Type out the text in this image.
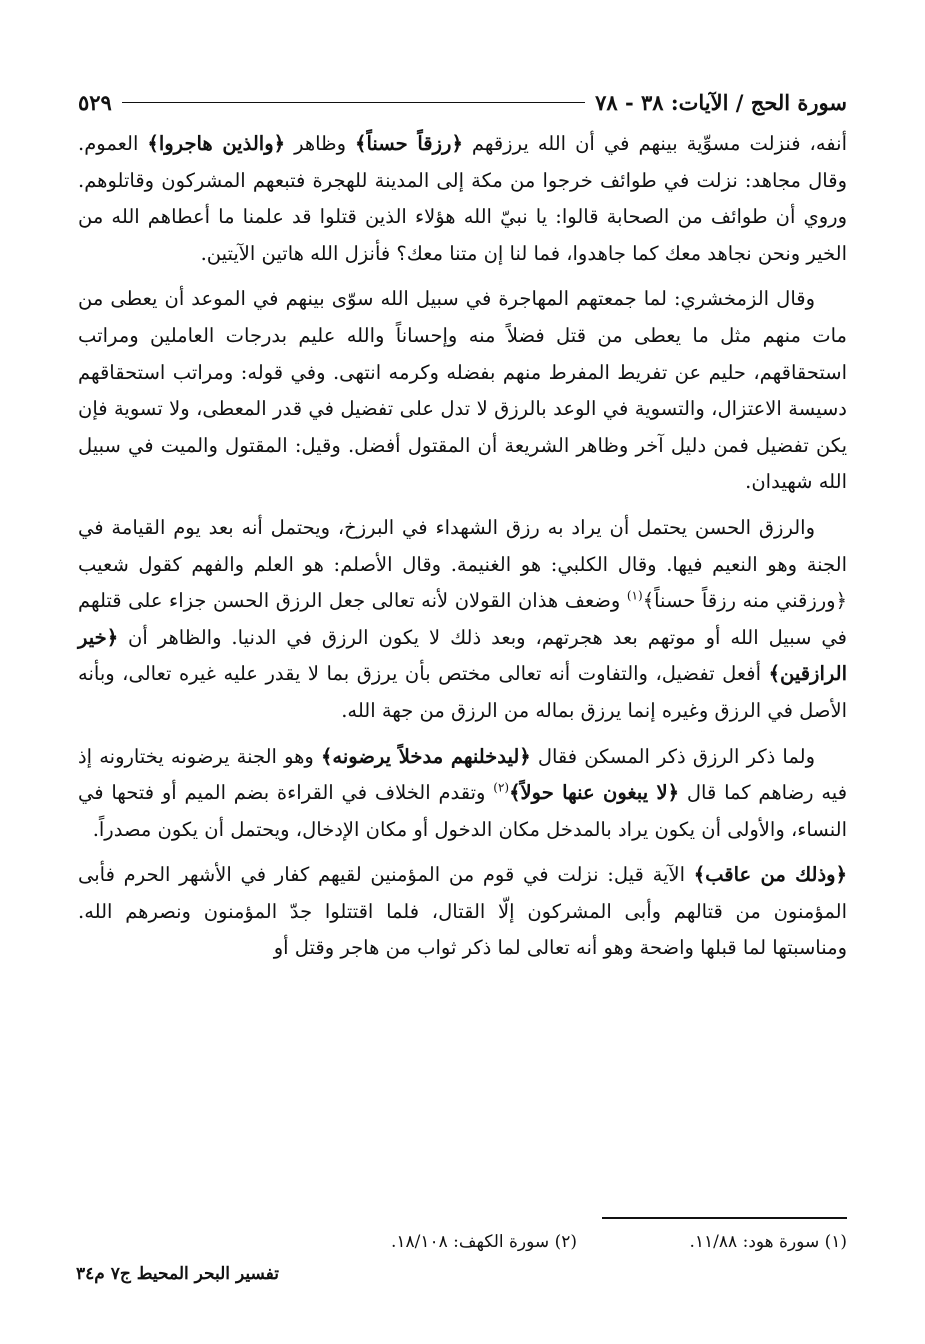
سورة الحج / الآيات: ٣٨ - ٧٨
٥٢٩

أنفه، فنزلت مسوِّية بينهم في أن الله يرزقهم ﴿رزقاً حسناً﴾ وظاهر ﴿والذين هاجروا﴾ العموم. وقال مجاهد: نزلت في طوائف خرجوا من مكة إلى المدينة للهجرة فتبعهم المشركون وقاتلوهم. وروي أن طوائف من الصحابة قالوا: يا نبيّ الله هؤلاء الذين قتلوا قد علمنا ما أعطاهم الله من الخير ونحن نجاهد معك كما جاهدوا، فما لنا إن متنا معك؟ فأنزل الله هاتين الآيتين.

وقال الزمخشري: لما جمعتهم المهاجرة في سبيل الله سوّى بينهم في الموعد أن يعطى من مات منهم مثل ما يعطى من قتل فضلاً منه وإحساناً والله عليم بدرجات العاملين ومراتب استحقاقهم، حليم عن تفريط المفرط منهم بفضله وكرمه انتهى. وفي قوله: ومراتب استحقاقهم دسيسة الاعتزال، والتسوية في الوعد بالرزق لا تدل على تفضيل في قدر المعطى، ولا تسوية فإن يكن تفضيل فمن دليل آخر وظاهر الشريعة أن المقتول أفضل. وقيل: المقتول والميت في سبيل الله شهيدان.

والرزق الحسن يحتمل أن يراد به رزق الشهداء في البرزخ، ويحتمل أنه بعد يوم القيامة في الجنة وهو النعيم فيها. وقال الكلبي: هو الغنيمة. وقال الأصلم: هو العلم والفهم كقول شعيب ﴿ورزقني منه رزقاً حسناً﴾$^{(١)}$ وضعف هذان القولان لأنه تعالى جعل الرزق الحسن جزاء على قتلهم في سبيل الله أو موتهم بعد هجرتهم، وبعد ذلك لا يكون الرزق في الدنيا. والظاهر أن ﴿خير الرازقين﴾ أفعل تفضيل، والتفاوت أنه تعالى مختص بأن يرزق بما لا يقدر عليه غيره تعالى، وبأنه الأصل في الرزق وغيره إنما يرزق بماله من الرزق من جهة الله.

ولما ذكر الرزق ذكر المسكن فقال ﴿ليدخلنهم مدخلاً يرضونه﴾ وهو الجنة يرضونه يختارونه إذ فيه رضاهم كما قال ﴿لا يبغون عنها حولاً﴾$^{(٢)}$ وتقدم الخلاف في القراءة بضم الميم أو فتحها في النساء، والأولى أن يكون يراد بالمدخل مكان الدخول أو مكان الإدخال، ويحتمل أن يكون مصدراً.

﴿وذلك من عاقب﴾ الآية قيل: نزلت في قوم من المؤمنين لقيهم كفار في الأشهر الحرم فأبى المؤمنون من قتالهم وأبى المشركون إلّا القتال، فلما اقتتلوا جدّ المؤمنون ونصرهم الله. ومناسبتها لما قبلها واضحة وهو أنه تعالى لما ذكر ثواب من هاجر وقتل أو

(١) سورة هود: ١١/٨٨.
(٢) سورة الكهف: ١٨/١٠٨.
تفسير البحر المحيط ج٧ م٣٤
